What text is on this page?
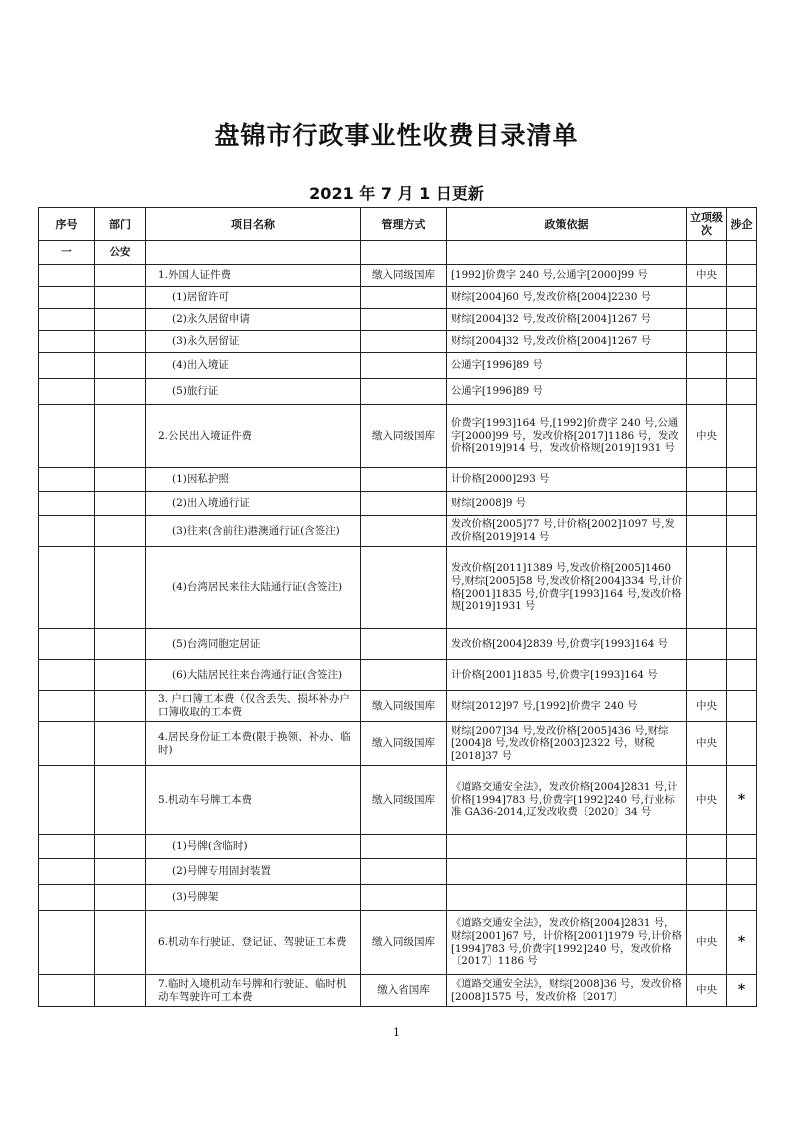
盘锦市行政事业性收费目录清单
2021 年 7 月 1 日更新
序号	部门	项目名称	管理方式	政策依据	立项级次	涉企
一	公安					
		1.外国人证件费	缴入同级国库	[1992]价费字 240 号,公通字[2000]99 号	中央	
		(1)居留许可		财综[2004]60 号,发改价格[2004]2230 号		
		(2)永久居留申请		财综[2004]32 号,发改价格[2004]1267 号		
		(3)永久居留证		财综[2004]32 号,发改价格[2004]1267 号		
		(4)出入境证		公通字[1996]89 号		
		(5)旅行证		公通字[1996]89 号		
		2.公民出入境证件费	缴入同级国库	价费字[1993]164 号,[1992]价费字 240 号,公通字[2000]99 号，发改价格[2017]1186 号，发改价格[2019]914 号，发改价格规[2019]1931 号	中央	
		(1)因私护照		计价格[2000]293 号		
		(2)出入境通行证		财综[2008]9 号		
		(3)往来(含前往)港澳通行证(含签注)		发改价格[2005]77 号,计价格[2002]1097 号,发改价格[2019]914 号		
		(4)台湾居民来往大陆通行证(含签注)		发改价格[2011]1389 号,发改价格[2005]1460 号,财综[2005]58 号,发改价格[2004]334 号,计价格[2001]1835 号,价费字[1993]164 号,发改价格规[2019]1931 号		
		(5)台湾同胞定居证		发改价格[2004]2839 号,价费字[1993]164 号		
		(6)大陆居民往来台湾通行证(含签注)		计价格[2001]1835 号,价费字[1993]164 号		
		3. 户口簿工本费（仅含丢失、损坏补办户口簿收取的工本费	缴入同级国库	财综[2012]97 号,[1992]价费字 240 号	中央	
		4.居民身份证工本费(限于换领、补办、临时)	缴入同级国库	财综[2007]34 号,发改价格[2005]436 号,财综[2004]8 号,发改价格[2003]2322 号，财税[2018]37 号	中央	
		5.机动车号牌工本费	缴入同级国库	《道路交通安全法》，发改价格[2004]2831 号,计价格[1994]783 号,价费字[1992]240 号,行业标准 GA36-2014,辽发改收费〔2020〕34 号	中央	*
		(1)号牌(含临时)				
		(2)号牌专用固封装置				
		(3)号牌架				
		6.机动车行驶证、登记证、驾驶证工本费	缴入同级国库	《道路交通安全法》，发改价格[2004]2831 号，财综[2001]67 号，计价格[2001]1979 号,计价格[1994]783 号,价费字[1992]240 号，发改价格〔2017〕1186 号	中央	*
		7.临时入境机动车号牌和行驶证、临时机动车驾驶许可工本费	缴入省国库	《道路交通安全法》，财综[2008]36 号，发改价格[2008]1575 号，发改价格〔2017〕	中央	*
1
